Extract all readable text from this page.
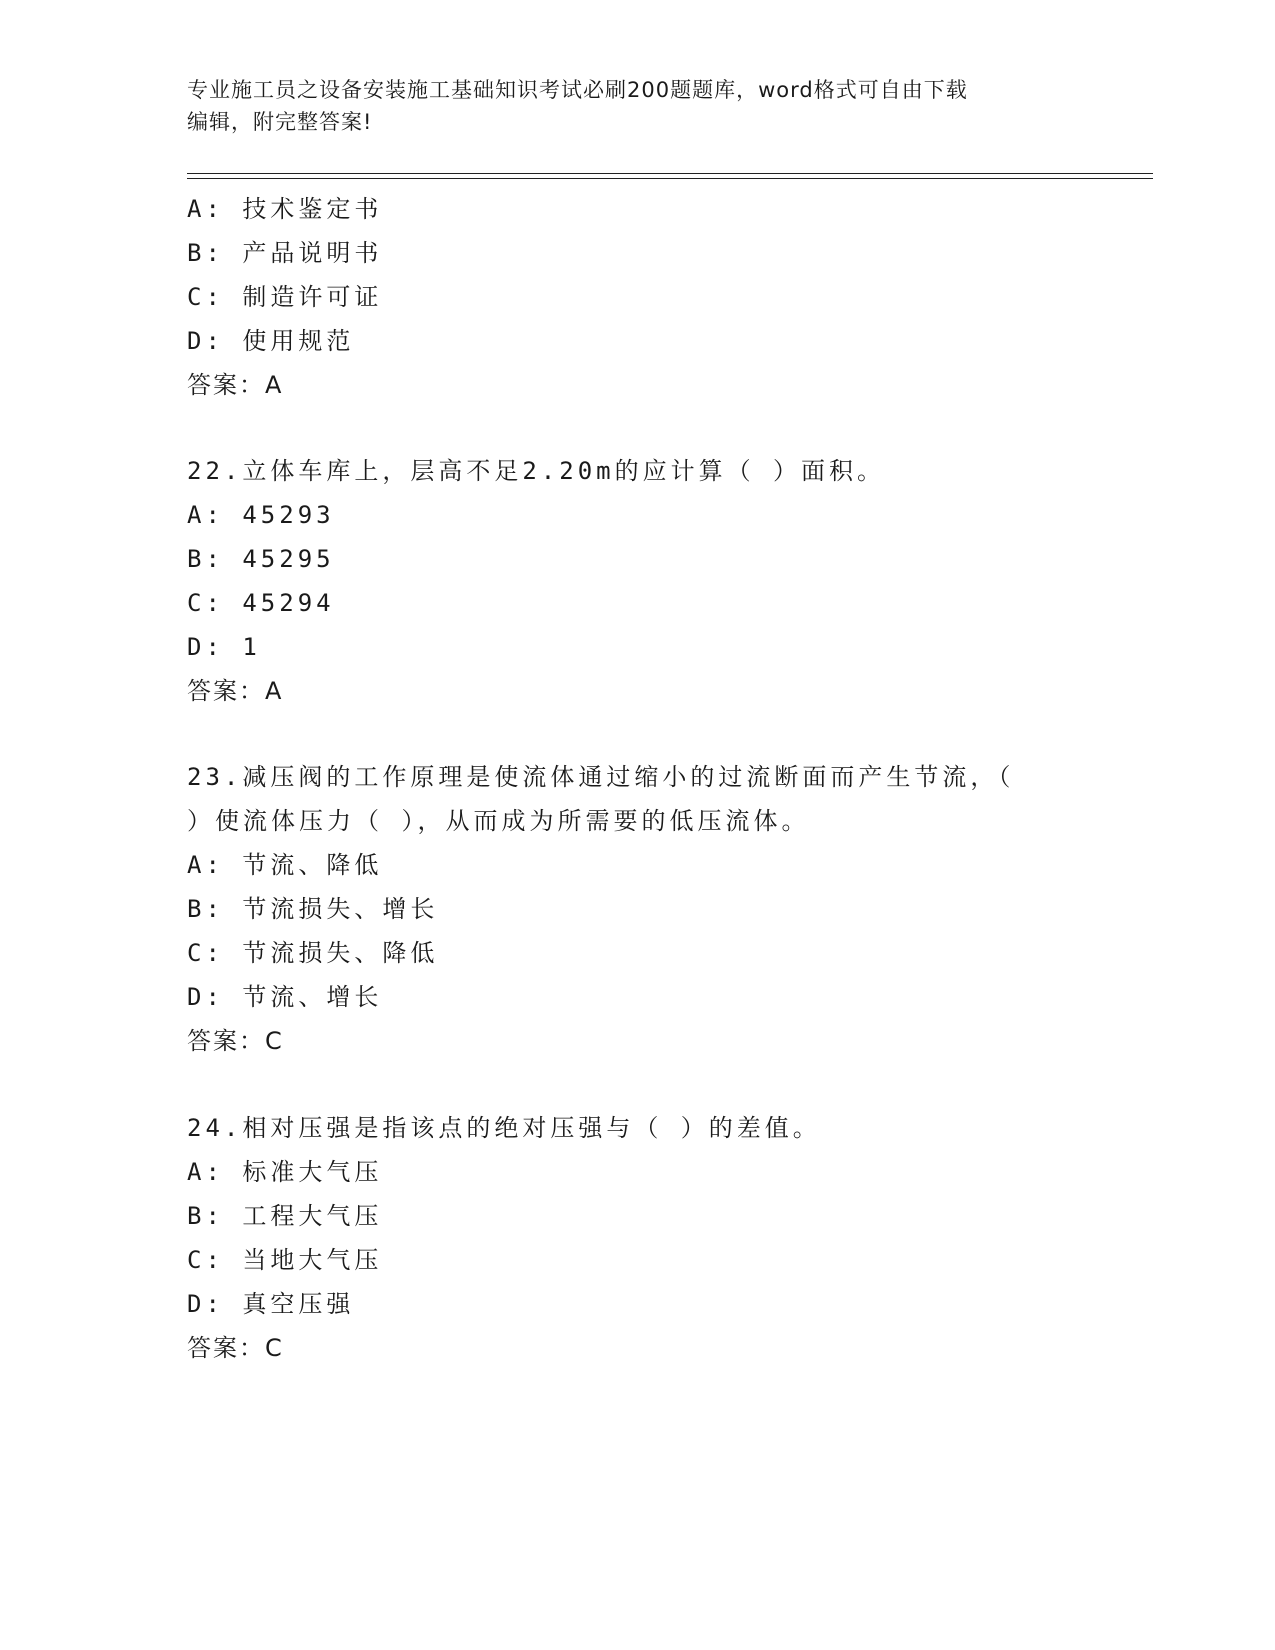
专业施工员之设备安装施工基础知识考试必刷200题题库，word格式可自由下载
编辑，附完整答案!
A: 技术鉴定书
B: 产品说明书
C: 制造许可证
D: 使用规范
答案：A
22.立体车库上，层高不足2.20m的应计算（ ）面积。
A: 45293
B: 45295
C: 45294
D: 1
答案：A
23.减压阀的工作原理是使流体通过缩小的过流断面而产生节流，（
）使流体压力（ ），从而成为所需要的低压流体。
A: 节流、降低
B: 节流损失、增长
C: 节流损失、降低
D: 节流、增长
答案：C
24.相对压强是指该点的绝对压强与（ ）的差值。
A: 标准大气压
B: 工程大气压
C: 当地大气压
D: 真空压强
答案：C
